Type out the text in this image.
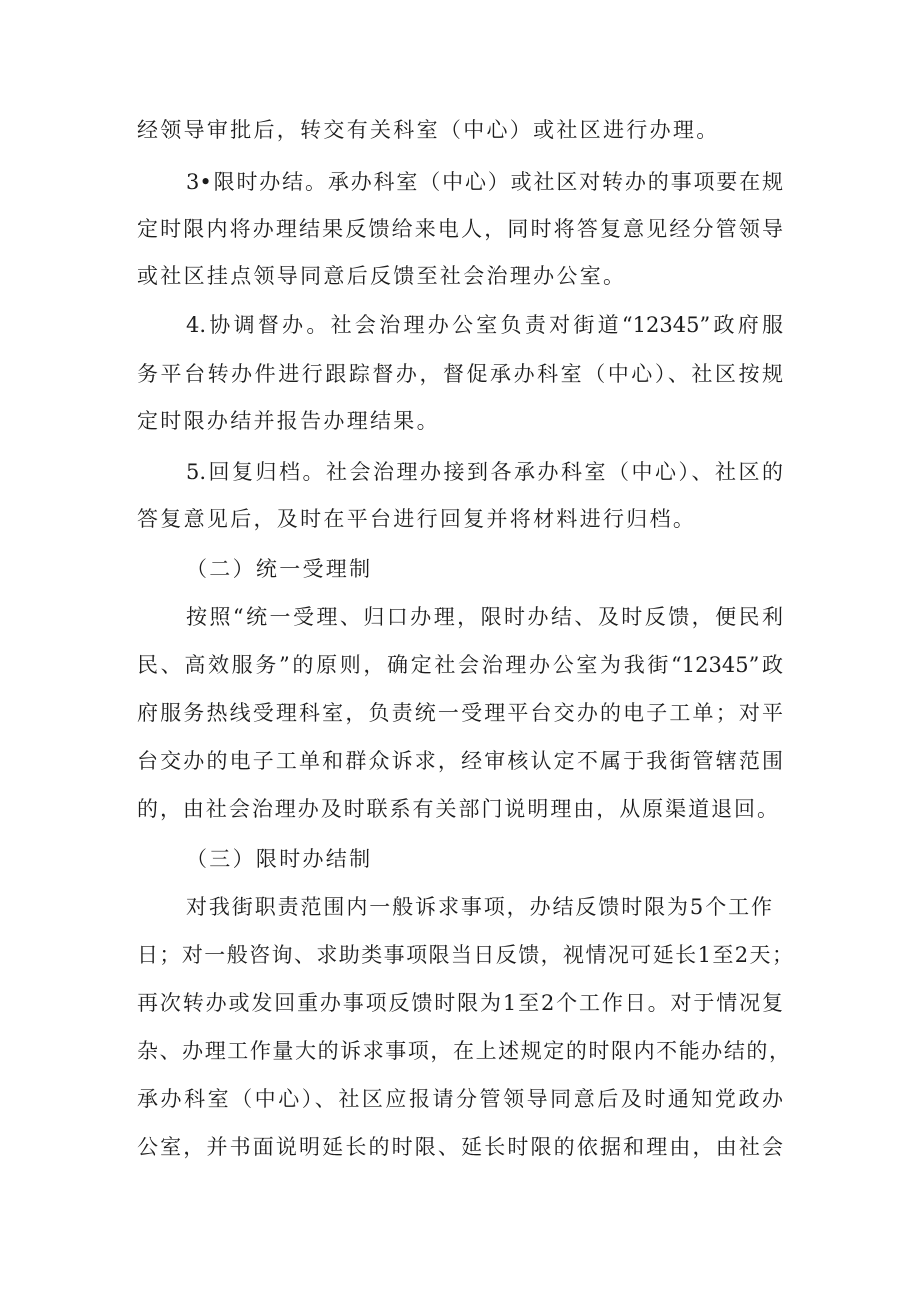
经领导审批后，转交有关科室（中心）或社区进行办理。
3•限时办结。承办科室（中心）或社区对转办的事项要在规
定时限内将办理结果反馈给来电人，同时将答复意见经分管领导
或社区挂点领导同意后反馈至社会治理办公室。
4.协调督办。社会治理办公室负责对街道“12345”政府服
务平台转办件进行跟踪督办，督促承办科室（中心）、社区按规
定时限办结并报告办理结果。
5.回复归档。社会治理办接到各承办科室（中心）、社区的
答复意见后，及时在平台进行回复并将材料进行归档。
（二）统一受理制
按照“统一受理、归口办理，限时办结、及时反馈，便民利
民、高效服务”的原则，确定社会治理办公室为我街“12345”政
府服务热线受理科室，负责统一受理平台交办的电子工单；对平
台交办的电子工单和群众诉求，经审核认定不属于我街管辖范围
的，由社会治理办及时联系有关部门说明理由，从原渠道退回。
（三）限时办结制
对我街职责范围内一般诉求事项，办结反馈时限为5个工作
日；对一般咨询、求助类事项限当日反馈，视情况可延长1至2天；
再次转办或发回重办事项反馈时限为1至2个工作日。对于情况复
杂、办理工作量大的诉求事项，在上述规定的时限内不能办结的，
承办科室（中心）、社区应报请分管领导同意后及时通知党政办
公室，并书面说明延长的时限、延长时限的依据和理由，由社会
